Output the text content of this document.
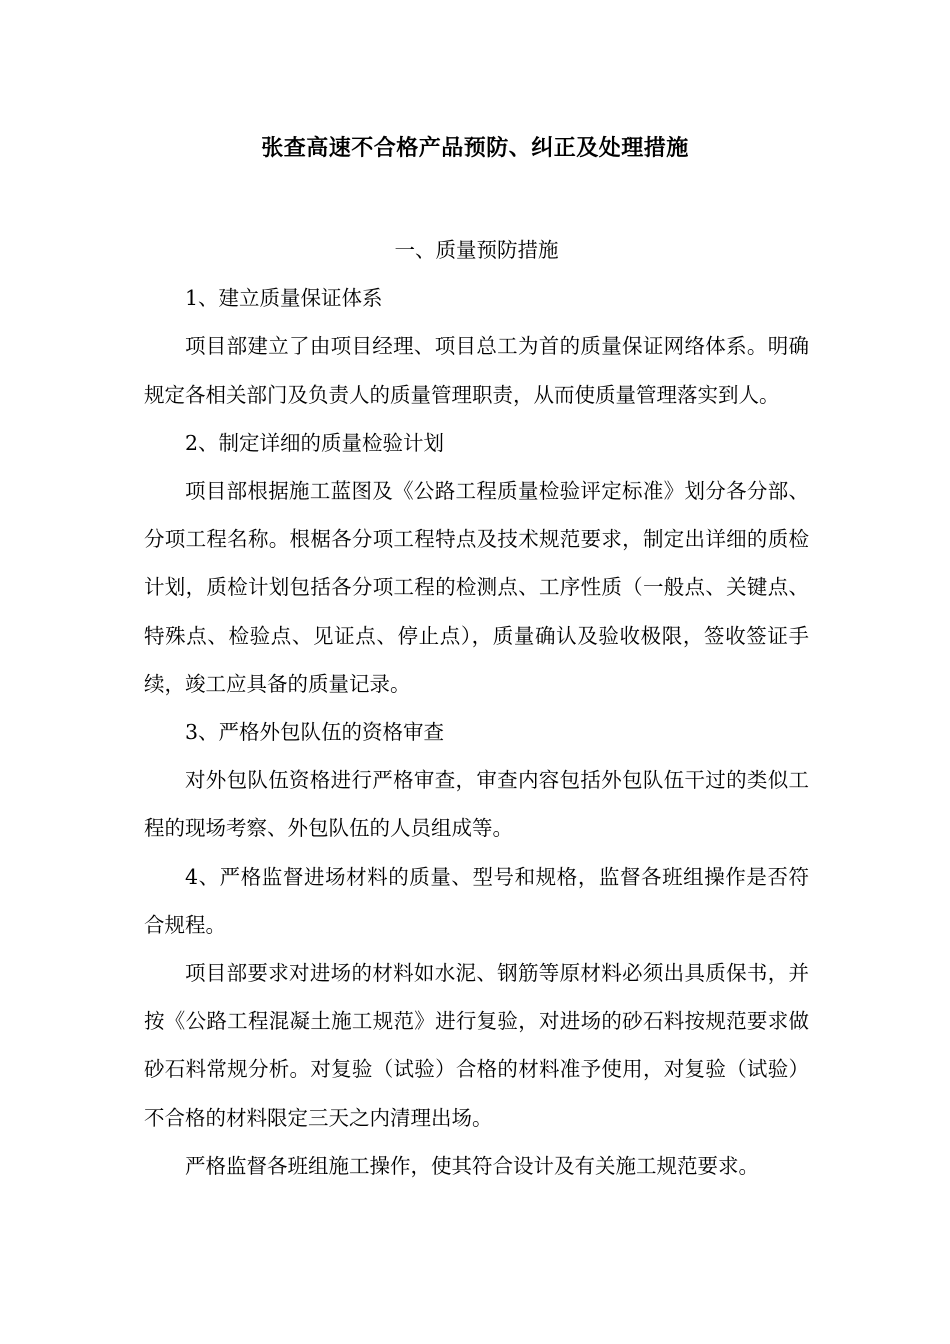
张查高速不合格产品预防、纠正及处理措施

一、质量预防措施

1、建立质量保证体系

项目部建立了由项目经理、项目总工为首的质量保证网络体系。明确规定各相关部门及负责人的质量管理职责，从而使质量管理落实到人。

2、制定详细的质量检验计划

项目部根据施工蓝图及《公路工程质量检验评定标准》划分各分部、分项工程名称。根椐各分项工程特点及技术规范要求，制定出详细的质检计划，质检计划包括各分项工程的检测点、工序性质（一般点、关键点、特殊点、检验点、见证点、停止点），质量确认及验收极限，签收签证手续，竣工应具备的质量记录。

3、严格外包队伍的资格审查

对外包队伍资格进行严格审查，审查内容包括外包队伍干过的类似工程的现场考察、外包队伍的人员组成等。

4、严格监督进场材料的质量、型号和规格，监督各班组操作是否符合规程。

项目部要求对进场的材料如水泥、钢筋等原材料必须出具质保书，并按《公路工程混凝土施工规范》进行复验，对进场的砂石料按规范要求做砂石料常规分析。对复验（试验）合格的材料准予使用，对复验（试验）不合格的材料限定三天之内清理出场。

严格监督各班组施工操作，使其符合设计及有关施工规范要求。
